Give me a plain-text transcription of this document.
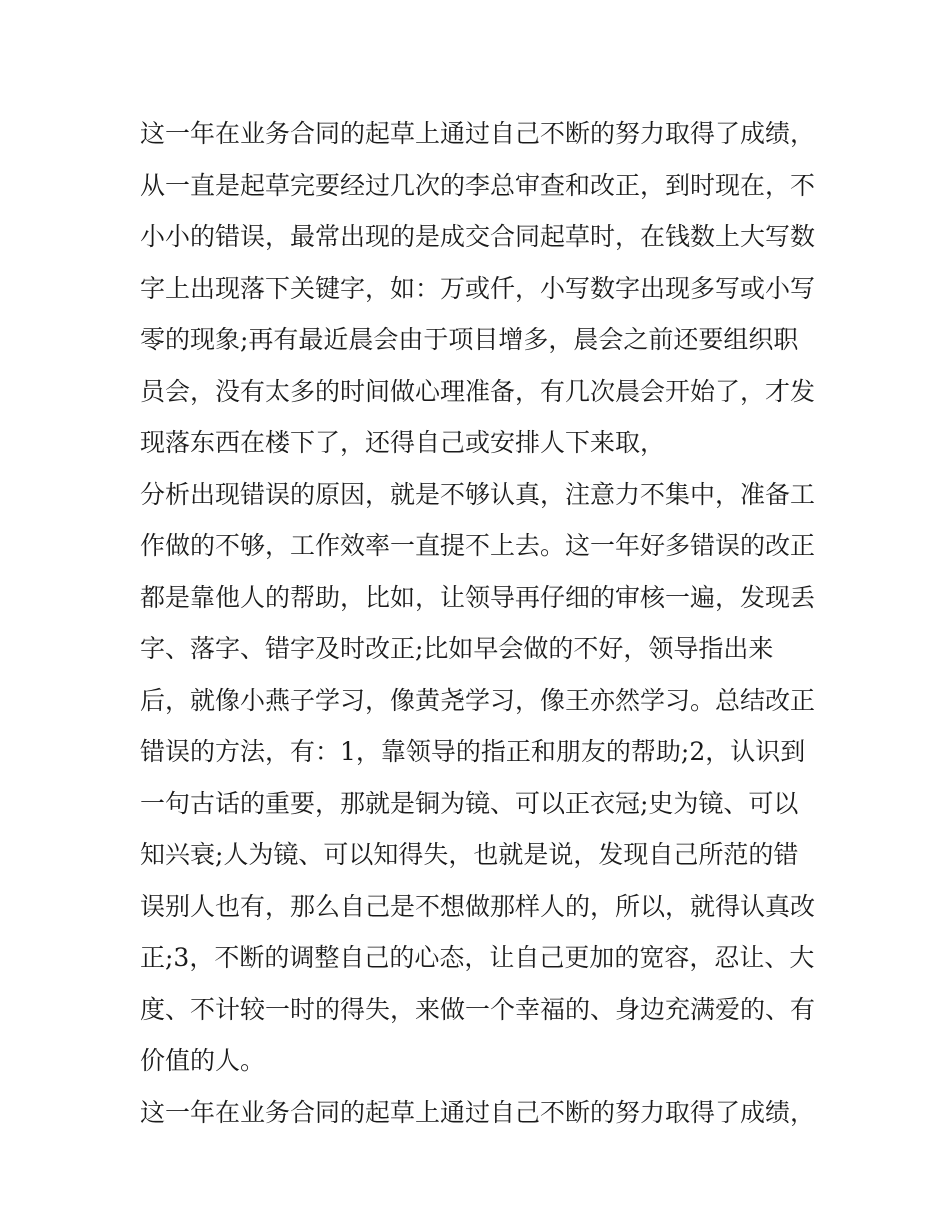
这一年在业务合同的起草上通过自己不断的努力取得了成绩，
从一直是起草完要经过几次的李总审查和改正，到时现在，不
小小的错误，最常出现的是成交合同起草时，在钱数上大写数
字上出现落下关键字，如：万或仟，小写数字出现多写或小写
零的现象;再有最近晨会由于项目增多，晨会之前还要组织职
员会，没有太多的时间做心理准备，有几次晨会开始了，才发
现落东西在楼下了，还得自己或安排人下来取，
分析出现错误的原因，就是不够认真，注意力不集中，准备工
作做的不够，工作效率一直提不上去。这一年好多错误的改正
都是靠他人的帮助，比如，让领导再仔细的审核一遍，发现丢
字、落字、错字及时改正;比如早会做的不好，领导指出来
后，就像小燕子学习，像黄尧学习，像王亦然学习。总结改正
错误的方法，有：1，靠领导的指正和朋友的帮助;2，认识到
一句古话的重要，那就是铜为镜、可以正衣冠;史为镜、可以
知兴衰;人为镜、可以知得失，也就是说，发现自己所范的错
误别人也有，那么自己是不想做那样人的，所以，就得认真改
正;3，不断的调整自己的心态，让自己更加的宽容，忍让、大
度、不计较一时的得失，来做一个幸福的、身边充满爱的、有
价值的人。
这一年在业务合同的起草上通过自己不断的努力取得了成绩，
